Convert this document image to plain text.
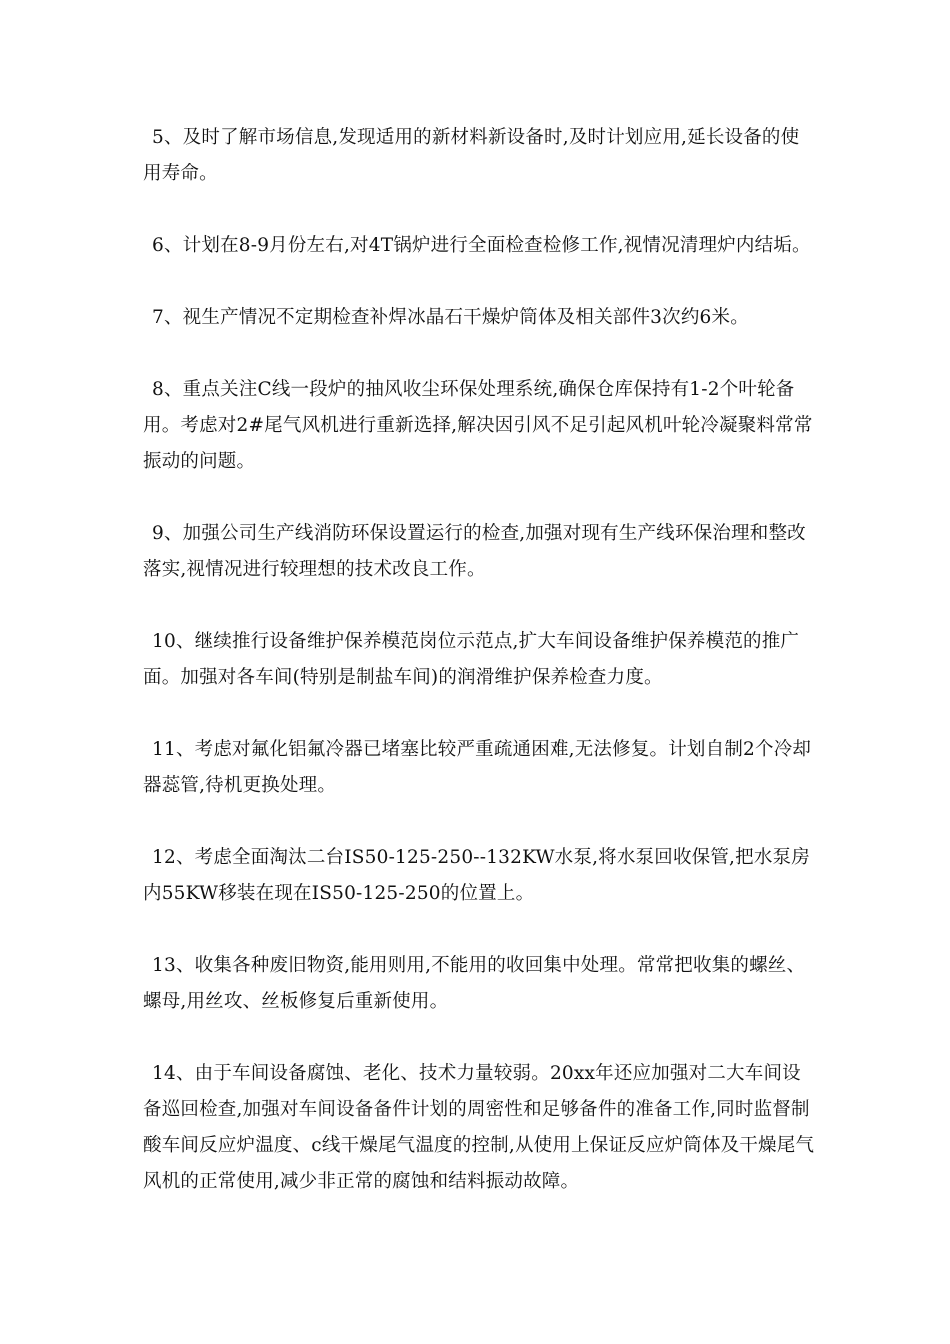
5、及时了解市场信息,发现适用的新材料新设备时,及时计划应用,延长设备的使用寿命。

6、计划在8-9月份左右,对4T锅炉进行全面检查检修工作,视情况清理炉内结垢。

7、视生产情况不定期检查补焊冰晶石干燥炉筒体及相关部件3次约6米。

8、重点关注C线一段炉的抽风收尘环保处理系统,确保仓库保持有1-2个叶轮备用。考虑对2#尾气风机进行重新选择,解决因引风不足引起风机叶轮冷凝聚料常常振动的问题。

9、加强公司生产线消防环保设置运行的检查,加强对现有生产线环保治理和整改落实,视情况进行较理想的技术改良工作。

10、继续推行设备维护保养模范岗位示范点,扩大车间设备维护保养模范的推广面。加强对各车间(特别是制盐车间)的润滑维护保养检查力度。

11、考虑对氟化铝氟冷器已堵塞比较严重疏通困难,无法修复。计划自制2个冷却器蕊管,待机更换处理。

12、考虑全面淘汰二台IS50-125-250--132KW水泵,将水泵回收保管,把水泵房内55KW移装在现在IS50-125-250的位置上。

13、收集各种废旧物资,能用则用,不能用的收回集中处理。常常把收集的螺丝、螺母,用丝攻、丝板修复后重新使用。

14、由于车间设备腐蚀、老化、技术力量较弱。20xx年还应加强对二大车间设备巡回检查,加强对车间设备备件计划的周密性和足够备件的准备工作,同时监督制酸车间反应炉温度、c线干燥尾气温度的控制,从使用上保证反应炉筒体及干燥尾气风机的正常使用,减少非正常的腐蚀和结料振动故障。
